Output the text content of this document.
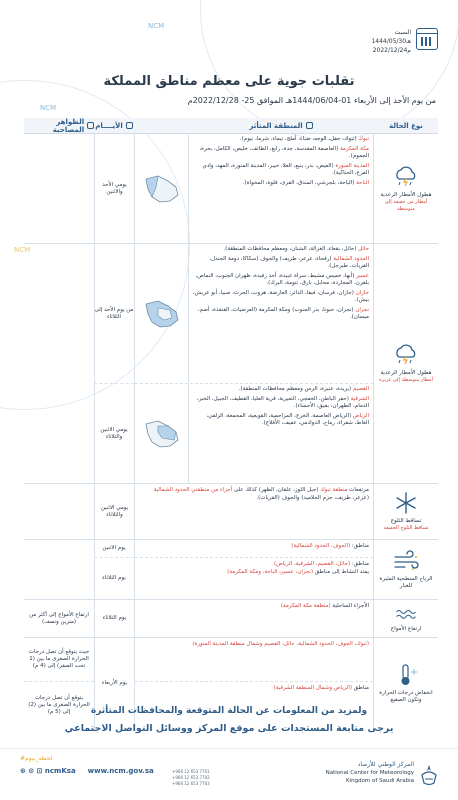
NCM
NCM
NCM
السبت
1444/05/30هـ
2022/12/24م
تقلبات جوية على معظم مناطق المملكة
من يوم الأحد إلى الأربعاء 01-1444/06/04هـ الموافق 25- 2022/12/28م
نوع الحالة
المنطقة المتأثر
الأيــــام
الظواهر المصاحبة
هطول الأمطار الرعدية
أمطار من خفيفة إلى متوسطة
تبوك (تبوك، حقل، الوجه، ضباء، أملج، تيماء، شرما، نيوم).
مكة المكرمة (العاصمة المقدسة، جدة، رابغ، الطائف، خليص، الكامل، بحرة، الجموم).
المدينة المنورة (العيص، بدر، ينبع، العلا، خيبر، المدينة المنورة، المهد، وادي الفرع، الحناكية).
الباحة (الباحة، بلجرشي، المندق، القرى، قلوة، المخواة).
يومي الأحد والاثنين
هطول الأمطار الرعدية
أمطار متوسطة إلى غزيرة
حائل (حائل، بقعاء، الغزالة، الشنان، ومعظم محافظات المنطقة).
الحدود الشمالية (رفحاء، عرعر، طريف) والجوف (سكاكا، دومة الجندل، القريات، طبرجل).
عسير (أبها، خميس مشيط، سراة عبيدة، أحد رفيدة، ظهران الجنوب، النماص، بلقرن، المجاردة، محايل، بارق، تنومة، البرك).
جازان (جازان، فرسان، فيفا، الدائر، العارضة، هروب، الحرث، صبيا، أبو عريش، بيش).
نجران (نجران، حبونا، بدر الجنوب) ومكة المكرمة (العرضيات، القنفذة، أضم، ميسان).
القصيم (بريدة، عنيزة، الرس ومعظم محافظات المنطقة).
الشرقية (حفر الباطن، الخفجي، النعيرية، قرية العليا، القطيف، الجبيل، الخبر، الدمام، الظهران، بقيق، الأحساء).
الرياض (الرياض العاصمة، الخرج، المزاحمية، القويعية، المجمعة، الزلفي، الغاط، شقراء، رماح، الدوادمي، عفيف، الأفلاج).
من يوم الأحد إلى الثلاثاء
يومي الاثنين والثلاثاء
تساقط الثلوج
تساقط الثلوج الخفيفة
مرتفعات منطقة تبوك (جبل اللوز، علقان، الظهر) كذلك على أجزاء من منطقتي الحدود الشمالية (عرعر، طريف، جزم الجلاميد) والجوف (القريات).
يومي الاثنين والثلاثاء
الرياح السطحية المثيرة للغبار
مناطق: (الجوف، الحدود الشمالية)
مناطق: (حائل، القصيم، الشرقية، الرياض)
يمتد النشاط إلى مناطق (نجران، عسير، الباحة، ومكة المكرمة)
يوم الاثنين
يوم الثلاثاء
ارتفاع الأمواج
الأجزاء الساحلية (منطقة مكة المكرمة)
يوم الثلاثاء
ارتفاع الأمواج إلى أكثر من (مترين ونصف)
انخفاض درجات الحرارة وتكون الصقيع
(تبوك، الجوف، الحدود الشمالية، حائل، القصيم وشمال منطقة المدينة المنورة)
مناطق (الرياض وشمال المنطقة الشرقية)
يوم الأربعاء
حيث يتوقع أن تصل درجات الحرارة الصغرى ما بين (1 تحت الصفر) إلى (4 م)
يتوقع أن تصل درجات الحرارة الصغرى ما بين (2) إلى (5 م)	ولمزيد من المعلومات عن الحالة المتوقعة والمحافظات المتأثرة
يرجى متابعة المستجدات على موقع المركز ووسائل التواصل الاجتماعي
المركز الوطني للأرصاد
National Center for Meteorology
Kingdom of Saudi Arabia
+966 12 653 7701
+966 12 653 7702
+966 12 653 7703
#لحظة_بيوم
⊛ ⊙ ⊡ ncmKsa www.ncm.gov.sa
